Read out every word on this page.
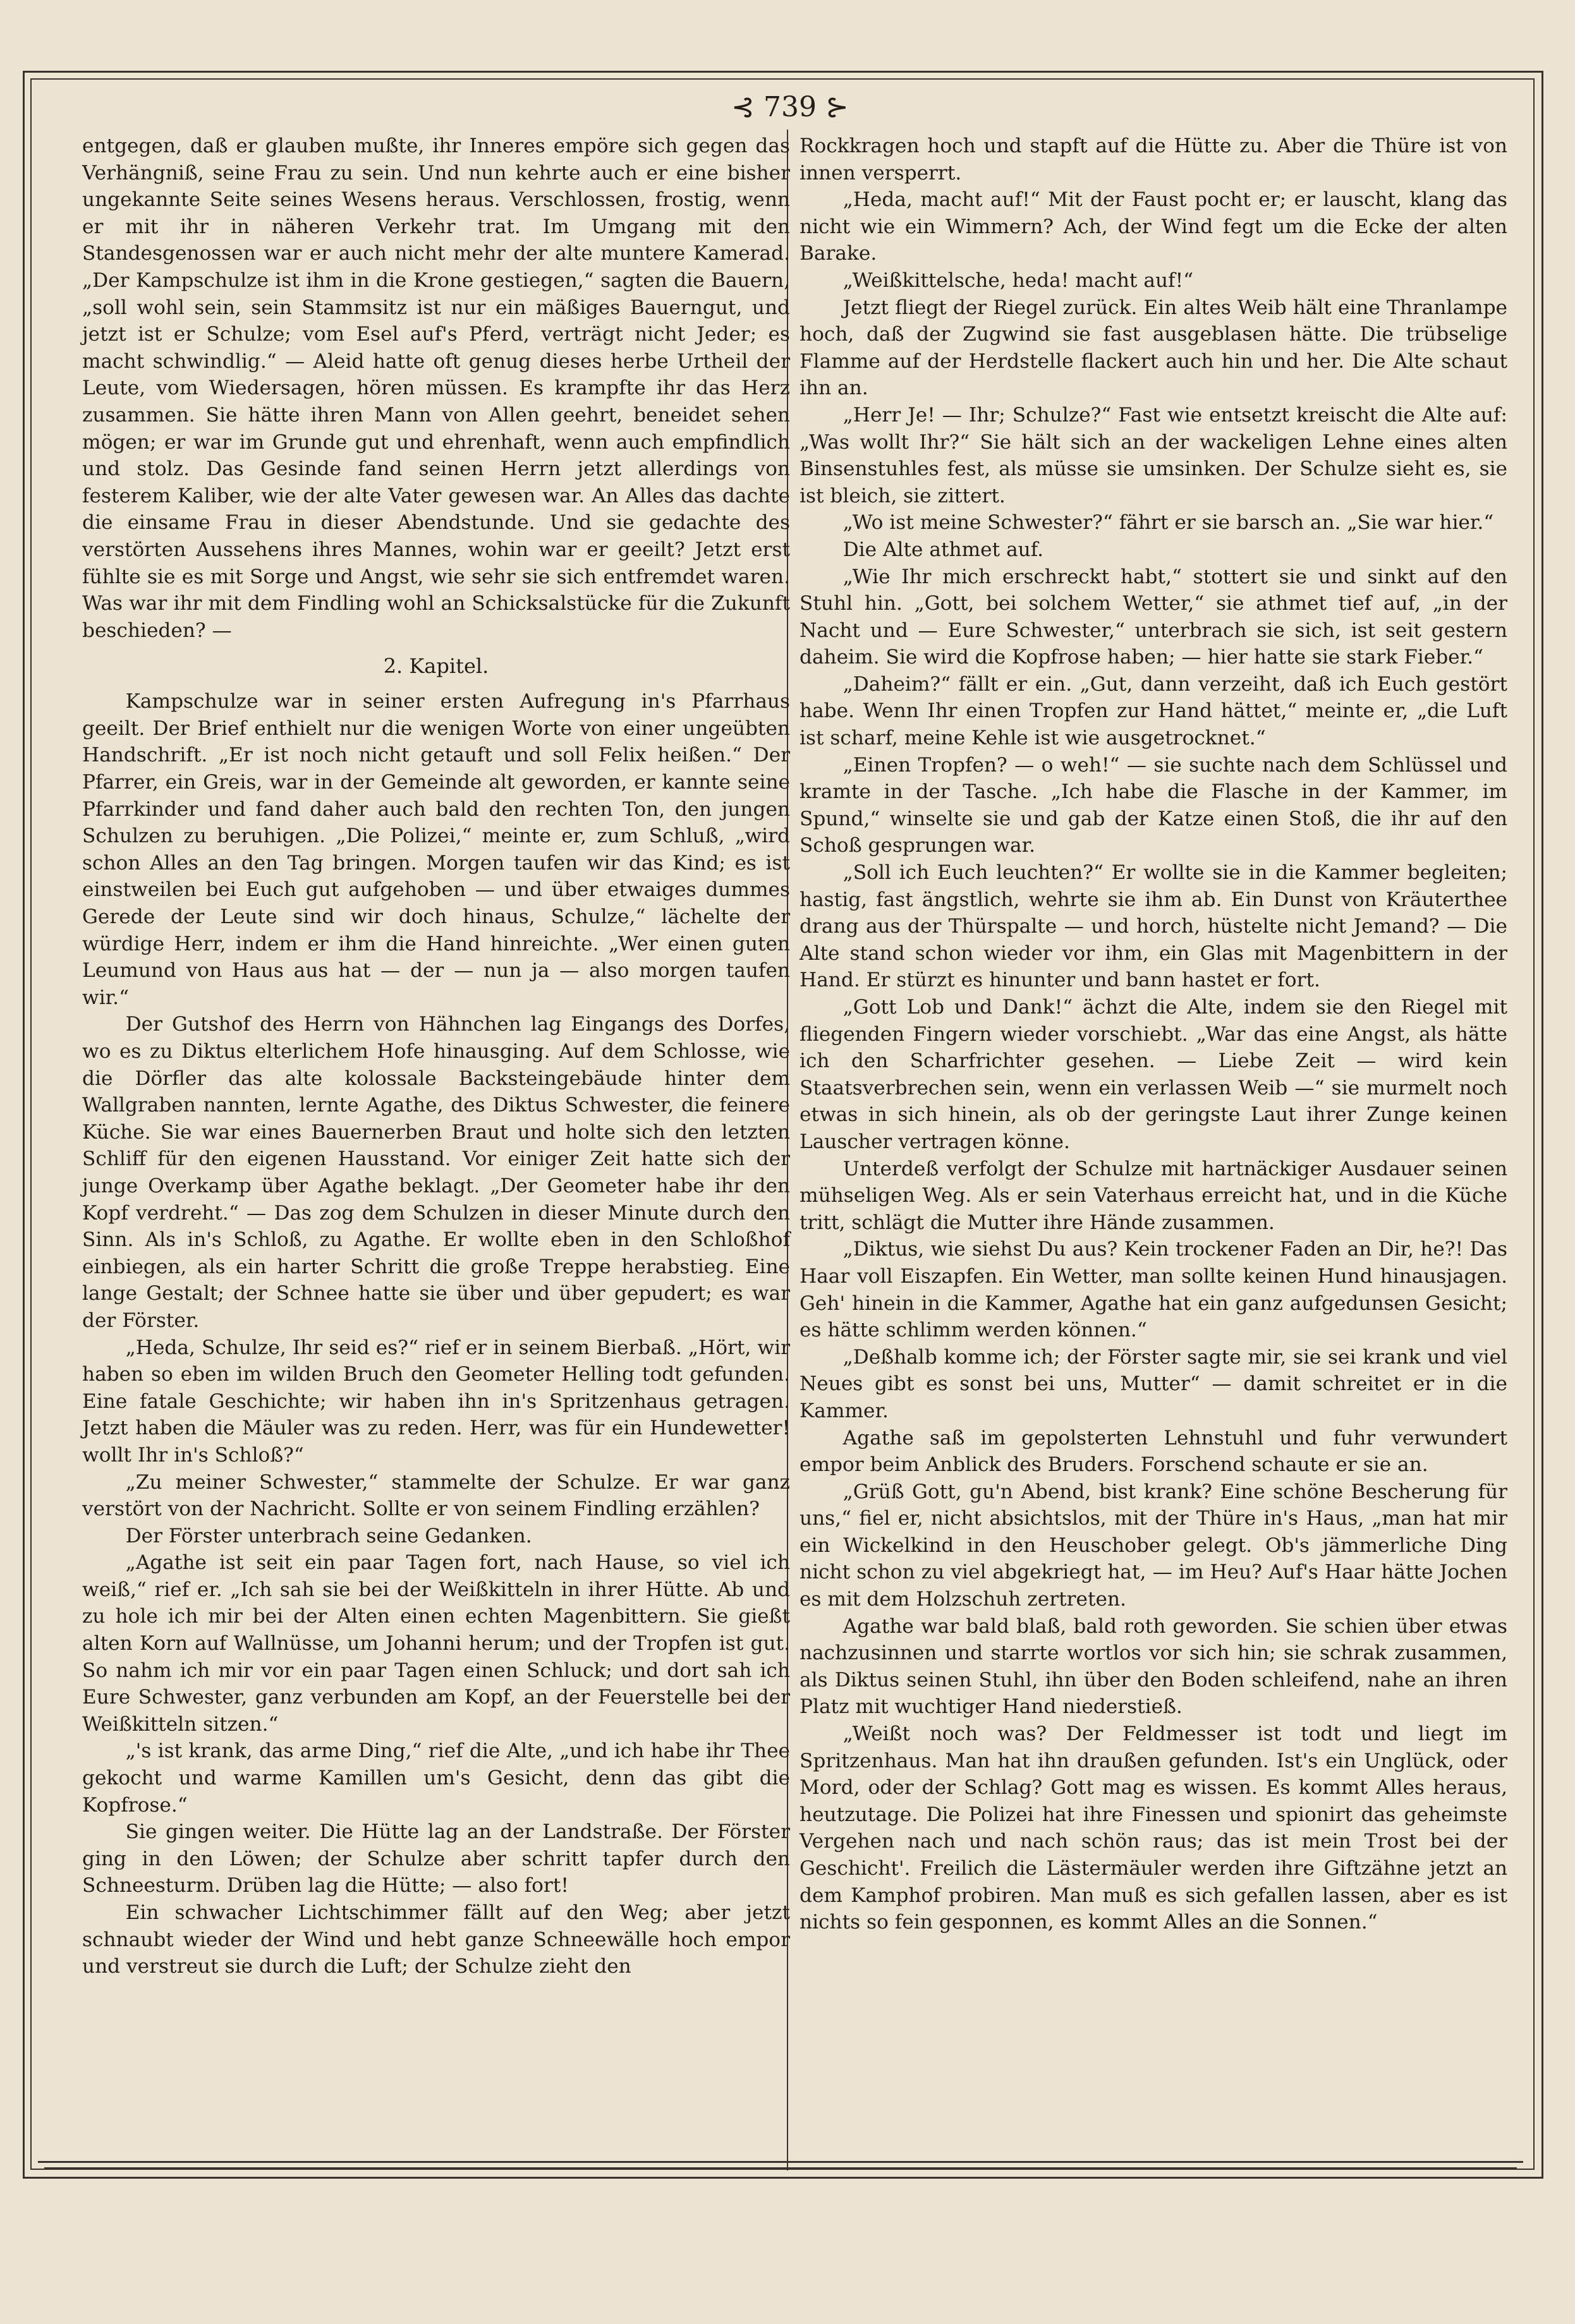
⊰ 739 ⊱

entgegen, daß er glauben mußte, ihr Inneres empöre sich gegen das Verhängniß, seine Frau zu sein. Und nun kehrte auch er eine bisher ungekannte Seite seines Wesens heraus. Verschlossen, frostig, wenn er mit ihr in näheren Verkehr trat. Im Umgang mit den Standesgenossen war er auch nicht mehr der alte muntere Kamerad. „Der Kampschulze ist ihm in die Krone gestiegen,“ sagten die Bauern, „soll wohl sein, sein Stammsitz ist nur ein mäßiges Bauerngut, und jetzt ist er Schulze; vom Esel auf's Pferd, verträgt nicht Jeder; es macht schwindlig.“ — Aleid hatte oft genug dieses herbe Urtheil der Leute, vom Wiedersagen, hören müssen. Es krampfte ihr das Herz zusammen. Sie hätte ihren Mann von Allen geehrt, beneidet sehen mögen; er war im Grunde gut und ehrenhaft, wenn auch empfindlich und stolz. Das Gesinde fand seinen Herrn jetzt allerdings von festerem Kaliber, wie der alte Vater gewesen war. An Alles das dachte die einsame Frau in dieser Abendstunde. Und sie gedachte des verstörten Aussehens ihres Mannes, wohin war er geeilt? Jetzt erst fühlte sie es mit Sorge und Angst, wie sehr sie sich entfremdet waren. Was war ihr mit dem Findling wohl an Schicksalstücke für die Zukunft beschieden? —

2. Kapitel.

Kampschulze war in seiner ersten Aufregung in's Pfarrhaus geeilt. Der Brief enthielt nur die wenigen Worte von einer ungeübten Handschrift. „Er ist noch nicht getauft und soll Felix heißen.“ Der Pfarrer, ein Greis, war in der Gemeinde alt geworden, er kannte seine Pfarrkinder und fand daher auch bald den rechten Ton, den jungen Schulzen zu beruhigen. „Die Polizei,“ meinte er, zum Schluß, „wird schon Alles an den Tag bringen. Morgen taufen wir das Kind; es ist einstweilen bei Euch gut aufgehoben — und über etwaiges dummes Gerede der Leute sind wir doch hinaus, Schulze,“ lächelte der würdige Herr, indem er ihm die Hand hinreichte. „Wer einen guten Leumund von Haus aus hat — der — nun ja — also morgen taufen wir.“

Der Gutshof des Herrn von Hähnchen lag Eingangs des Dorfes, wo es zu Diktus elterlichem Hofe hinausging. Auf dem Schlosse, wie die Dörfler das alte kolossale Backsteingebäude hinter dem Wallgraben nannten, lernte Agathe, des Diktus Schwester, die feinere Küche. Sie war eines Bauernerben Braut und holte sich den letzten Schliff für den eigenen Hausstand. Vor einiger Zeit hatte sich der junge Overkamp über Agathe beklagt. „Der Geometer habe ihr den Kopf verdreht.“ — Das zog dem Schulzen in dieser Minute durch den Sinn. Als in's Schloß, zu Agathe. Er wollte eben in den Schloßhof einbiegen, als ein harter Schritt die große Treppe herabstieg. Eine lange Gestalt; der Schnee hatte sie über und über gepudert; es war der Förster.

„Heda, Schulze, Ihr seid es?“ rief er in seinem Bierbaß. „Hört, wir haben so eben im wilden Bruch den Geometer Helling todt gefunden. Eine fatale Geschichte; wir haben ihn in's Spritzenhaus getragen. Jetzt haben die Mäuler was zu reden. Herr, was für ein Hundewetter! wollt Ihr in's Schloß?“

„Zu meiner Schwester,“ stammelte der Schulze. Er war ganz verstört von der Nachricht. Sollte er von seinem Findling erzählen?

Der Förster unterbrach seine Gedanken.

„Agathe ist seit ein paar Tagen fort, nach Hause, so viel ich weiß,“ rief er. „Ich sah sie bei der Weißkitteln in ihrer Hütte. Ab und zu hole ich mir bei der Alten einen echten Magenbittern. Sie gießt alten Korn auf Wallnüsse, um Johanni herum; und der Tropfen ist gut. So nahm ich mir vor ein paar Tagen einen Schluck; und dort sah ich Eure Schwester, ganz verbunden am Kopf, an der Feuerstelle bei der Weißkitteln sitzen.“

„'s ist krank, das arme Ding,“ rief die Alte, „und ich habe ihr Thee gekocht und warme Kamillen um's Gesicht, denn das gibt die Kopfrose.“

Sie gingen weiter. Die Hütte lag an der Landstraße. Der Förster ging in den Löwen; der Schulze aber schritt tapfer durch den Schneesturm. Drüben lag die Hütte; — also fort!

Ein schwacher Lichtschimmer fällt auf den Weg; aber jetzt schnaubt wieder der Wind und hebt ganze Schneewälle hoch empor und verstreut sie durch die Luft; der Schulze zieht den

Rockkragen hoch und stapft auf die Hütte zu. Aber die Thüre ist von innen versperrt.

„Heda, macht auf!“ Mit der Faust pocht er; er lauscht, klang das nicht wie ein Wimmern? Ach, der Wind fegt um die Ecke der alten Barake.

„Weißkittelsche, heda! macht auf!“

Jetzt fliegt der Riegel zurück. Ein altes Weib hält eine Thranlampe hoch, daß der Zugwind sie fast ausgeblasen hätte. Die trübselige Flamme auf der Herdstelle flackert auch hin und her. Die Alte schaut ihn an.

„Herr Je! — Ihr; Schulze?“ Fast wie entsetzt kreischt die Alte auf: „Was wollt Ihr?“ Sie hält sich an der wackeligen Lehne eines alten Binsenstuhles fest, als müsse sie umsinken. Der Schulze sieht es, sie ist bleich, sie zittert.

„Wo ist meine Schwester?“ fährt er sie barsch an. „Sie war hier.“

Die Alte athmet auf.

„Wie Ihr mich erschreckt habt,“ stottert sie und sinkt auf den Stuhl hin. „Gott, bei solchem Wetter,“ sie athmet tief auf, „in der Nacht und — Eure Schwester,“ unterbrach sie sich, ist seit gestern daheim. Sie wird die Kopfrose haben; — hier hatte sie stark Fieber.“

„Daheim?“ fällt er ein. „Gut, dann verzeiht, daß ich Euch gestört habe. Wenn Ihr einen Tropfen zur Hand hättet,“ meinte er, „die Luft ist scharf, meine Kehle ist wie ausgetrocknet.“

„Einen Tropfen? — o weh!“ — sie suchte nach dem Schlüssel und kramte in der Tasche. „Ich habe die Flasche in der Kammer, im Spund,“ winselte sie und gab der Katze einen Stoß, die ihr auf den Schoß gesprungen war.

„Soll ich Euch leuchten?“ Er wollte sie in die Kammer begleiten; hastig, fast ängstlich, wehrte sie ihm ab. Ein Dunst von Kräuterthee drang aus der Thürspalte — und horch, hüstelte nicht Jemand? — Die Alte stand schon wieder vor ihm, ein Glas mit Magenbittern in der Hand. Er stürzt es hinunter und bann hastet er fort.

„Gott Lob und Dank!“ ächzt die Alte, indem sie den Riegel mit fliegenden Fingern wieder vorschiebt. „War das eine Angst, als hätte ich den Scharfrichter gesehen. — Liebe Zeit — wird kein Staatsverbrechen sein, wenn ein verlassen Weib —“ sie murmelt noch etwas in sich hinein, als ob der geringste Laut ihrer Zunge keinen Lauscher vertragen könne.

Unterdeß verfolgt der Schulze mit hartnäckiger Ausdauer seinen mühseligen Weg. Als er sein Vaterhaus erreicht hat, und in die Küche tritt, schlägt die Mutter ihre Hände zusammen.

„Diktus, wie siehst Du aus? Kein trockener Faden an Dir, he?! Das Haar voll Eiszapfen. Ein Wetter, man sollte keinen Hund hinausjagen. Geh' hinein in die Kammer, Agathe hat ein ganz aufgedunsen Gesicht; es hätte schlimm werden können.“

„Deßhalb komme ich; der Förster sagte mir, sie sei krank und viel Neues gibt es sonst bei uns, Mutter“ — damit schreitet er in die Kammer.

Agathe saß im gepolsterten Lehnstuhl und fuhr verwundert empor beim Anblick des Bruders. Forschend schaute er sie an.

„Grüß Gott, gu'n Abend, bist krank? Eine schöne Bescherung für uns,“ fiel er, nicht absichtslos, mit der Thüre in's Haus, „man hat mir ein Wickelkind in den Heuschober gelegt. Ob's jämmerliche Ding nicht schon zu viel abgekriegt hat, — im Heu? Auf's Haar hätte Jochen es mit dem Holzschuh zertreten.

Agathe war bald blaß, bald roth geworden. Sie schien über etwas nachzusinnen und starrte wortlos vor sich hin; sie schrak zusammen, als Diktus seinen Stuhl, ihn über den Boden schleifend, nahe an ihren Platz mit wuchtiger Hand niederstieß.

„Weißt noch was? Der Feldmesser ist todt und liegt im Spritzenhaus. Man hat ihn draußen gefunden. Ist's ein Unglück, oder Mord, oder der Schlag? Gott mag es wissen. Es kommt Alles heraus, heutzutage. Die Polizei hat ihre Finessen und spionirt das geheimste Vergehen nach und nach schön raus; das ist mein Trost bei der Geschicht'. Freilich die Lästermäuler werden ihre Giftzähne jetzt an dem Kamphof probiren. Man muß es sich gefallen lassen, aber es ist nichts so fein gesponnen, es kommt Alles an die Sonnen.“
